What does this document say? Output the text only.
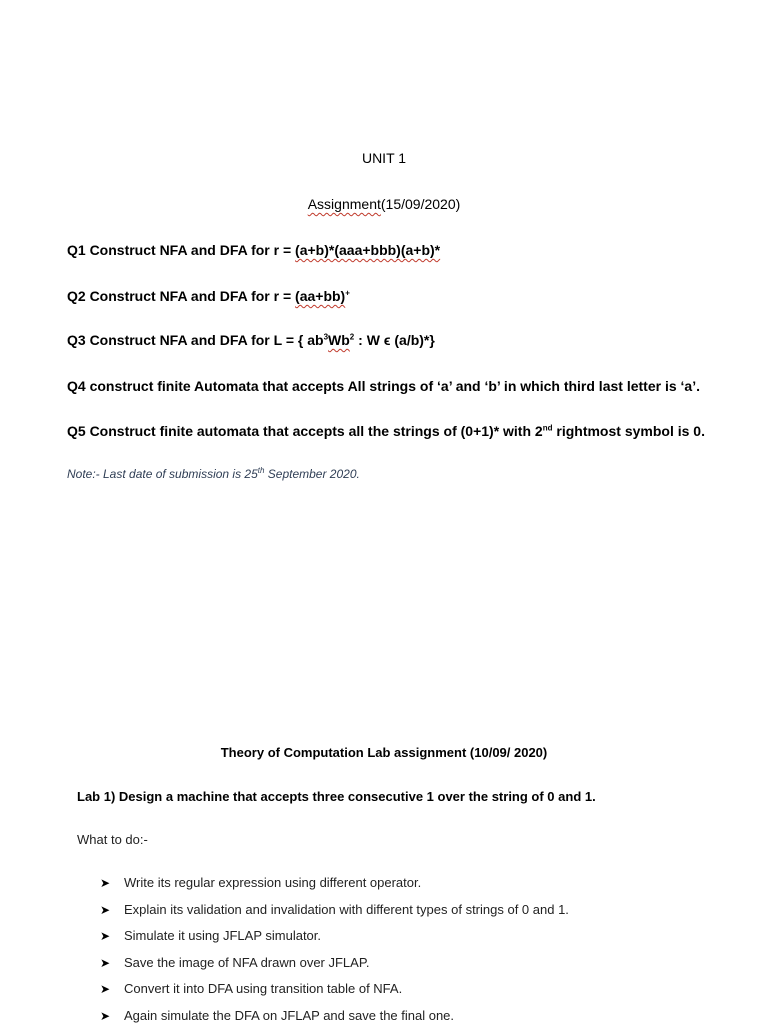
UNIT 1
Assignment(15/09/2020)
Q1 Construct NFA and DFA for r = (a+b)*(aaa+bbb)(a+b)*
Q2 Construct NFA and DFA for r = (aa+bb)+
Q3 Construct NFA and DFA for L = { $ab^3Wb^2$ : W ϵ (a/b)*}
Q4 construct finite Automata that accepts All strings of ‘a’ and ‘b’ in which third last letter is ‘a’.
Q5 Construct finite automata that accepts all the strings of (0+1)* with 2nd rightmost symbol is 0.
Note:- Last date of submission is 25th September 2020.
Theory of Computation Lab assignment (10/09/ 2020)
Lab 1) Design a machine that accepts three consecutive 1 over the string of 0 and 1.
What to do:-
➤ Write its regular expression using different operator.
➤ Explain its validation and invalidation with different types of strings of 0 and 1.
➤ Simulate it using JFLAP simulator.
➤ Save the image of NFA drawn over JFLAP.
➤ Convert it into DFA using transition table of NFA.
➤ Again simulate the DFA on JFLAP and save the final one.
